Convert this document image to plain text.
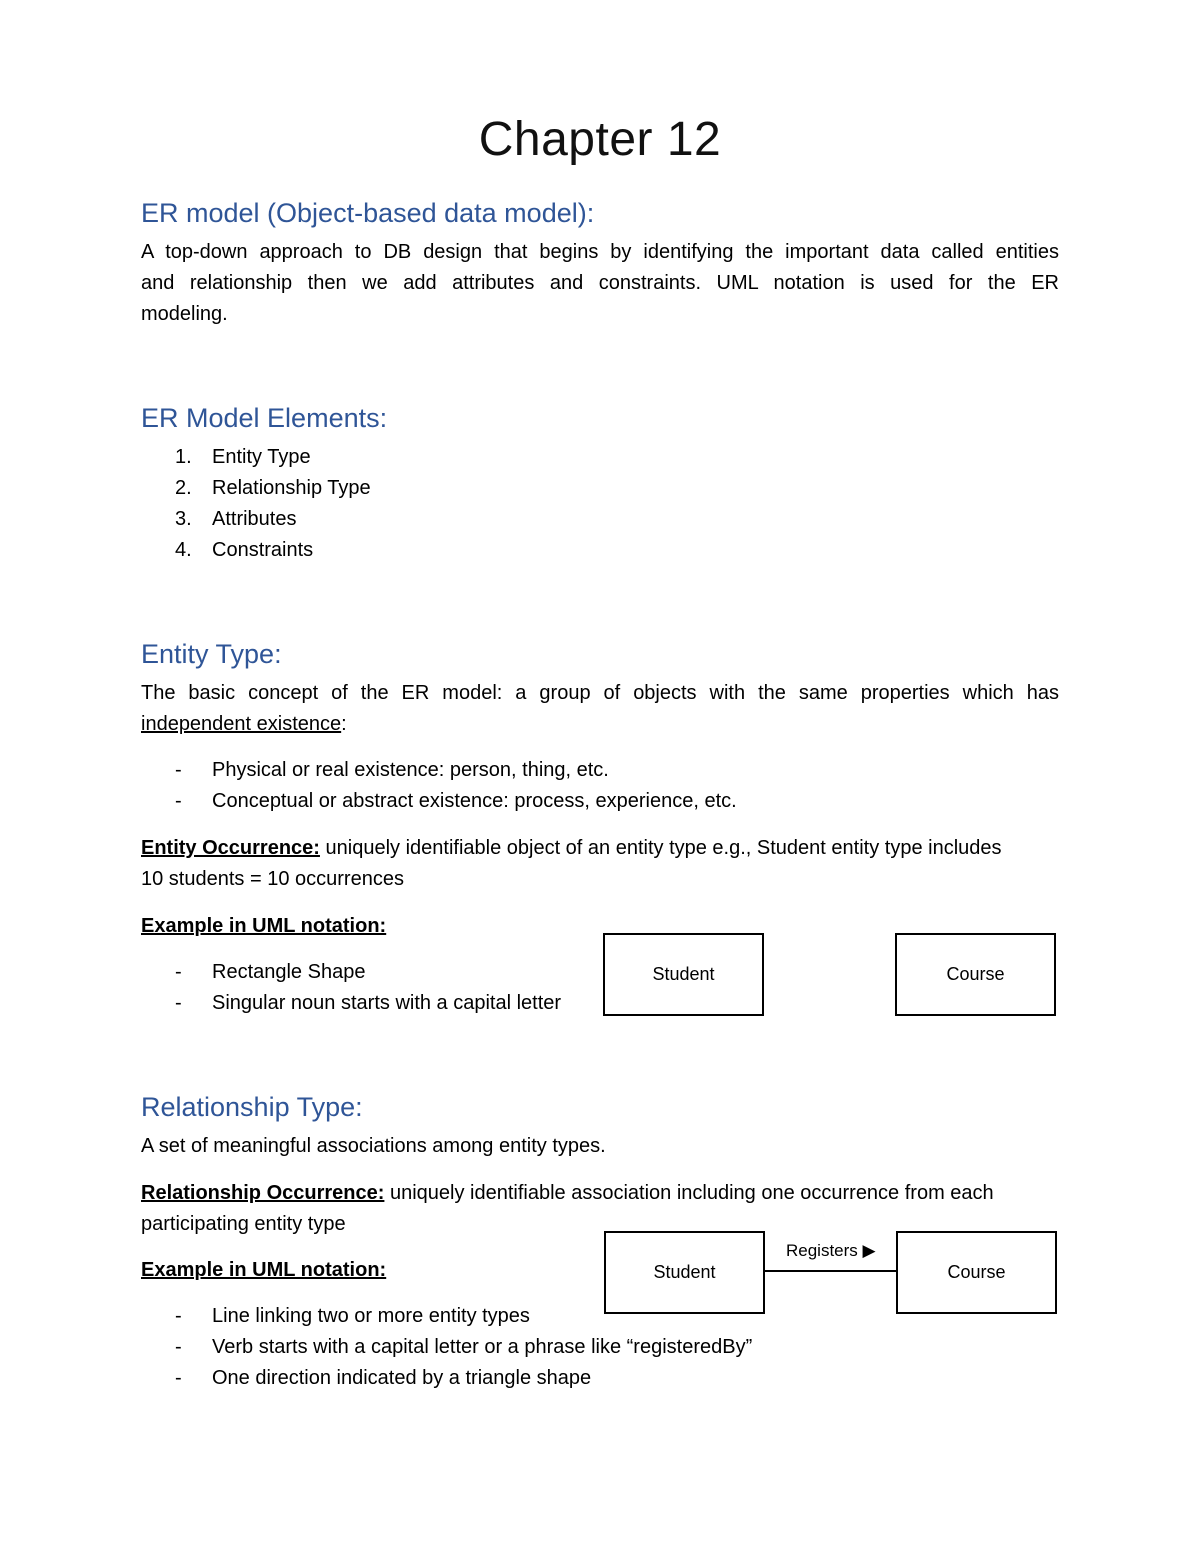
Chapter 12
ER model (Object-based data model):
A top-down approach to DB design that begins by identifying the important data called entities
and relationship then we add attributes and constraints. UML notation is used for the ER
modeling.
ER Model Elements:
1. Entity Type
2. Relationship Type
3. Attributes
4. Constraints
Entity Type:
The basic concept of the ER model: a group of objects with the same properties which has
independent existence:
-	Physical or real existence: person, thing, etc.
-	Conceptual or abstract existence: process, experience, etc.
Entity Occurrence: uniquely identifiable object of an entity type e.g., Student entity type includes
10 students = 10 occurrences
Example in UML notation:
-	Rectangle Shape
-	Singular noun starts with a capital letter
Student	Course
Relationship Type:
A set of meaningful associations among entity types.
Relationship Occurrence: uniquely identifiable association including one occurrence from each
participating entity type
Example in UML notation:
-	Line linking two or more entity types
-	Verb starts with a capital letter or a phrase like “registeredBy”
-	One direction indicated by a triangle shape
Student
Registers ▶
Course
